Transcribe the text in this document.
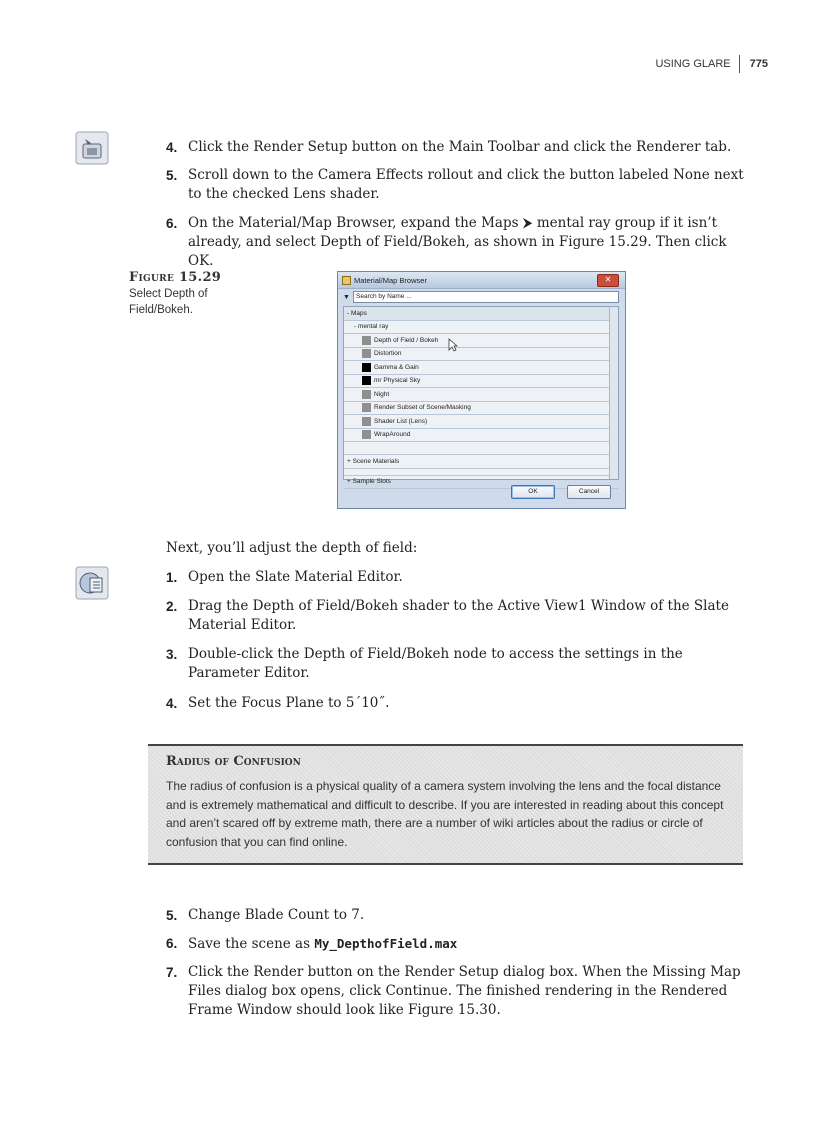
USING GLARE	775
4. Click the Render Setup button on the Main Toolbar and click the Renderer tab.
5. Scroll down to the Camera Effects rollout and click the button labeled None next to the checked Lens shader.
6. On the Material/Map Browser, expand the Maps ⮞ mental ray group if it isn’t already, and select Depth of Field/Bokeh, as shown in Figure 15.29. Then click OK.
Figure 15.29
Select Depth of Field/Bokeh.
Material/Map Browser	✕
▼ Search by Name ...
- Maps
- mental ray
Depth of Field / Bokeh
Distortion
Gamma & Gain
mr Physical Sky
Night
Render Subset of Scene/Masking
Shader List (Lens)
WrapAround
+ Scene Materials
+ Sample Slots
OK	Cancel
Next, you’ll adjust the depth of field:
1. Open the Slate Material Editor.
2. Drag the Depth of Field/Bokeh shader to the Active View1 Window of the Slate Material Editor.
3. Double-click the Depth of Field/Bokeh node to access the settings in the Parameter Editor.
4. Set the Focus Plane to 5´10˝.
Radius of Confusion
The radius of confusion is a physical quality of a camera system involving the lens and the focal distance and is extremely mathematical and difficult to describe. If you are interested in reading about this concept and aren’t scared off by extreme math, there are a number of wiki articles about the radius or circle of confusion that you can find online.
5. Change Blade Count to 7.
6. Save the scene as My_DepthofField.max
7. Click the Render button on the Render Setup dialog box. When the Missing Map Files dialog box opens, click Continue. The finished rendering in the Rendered Frame Window should look like Figure 15.30.
